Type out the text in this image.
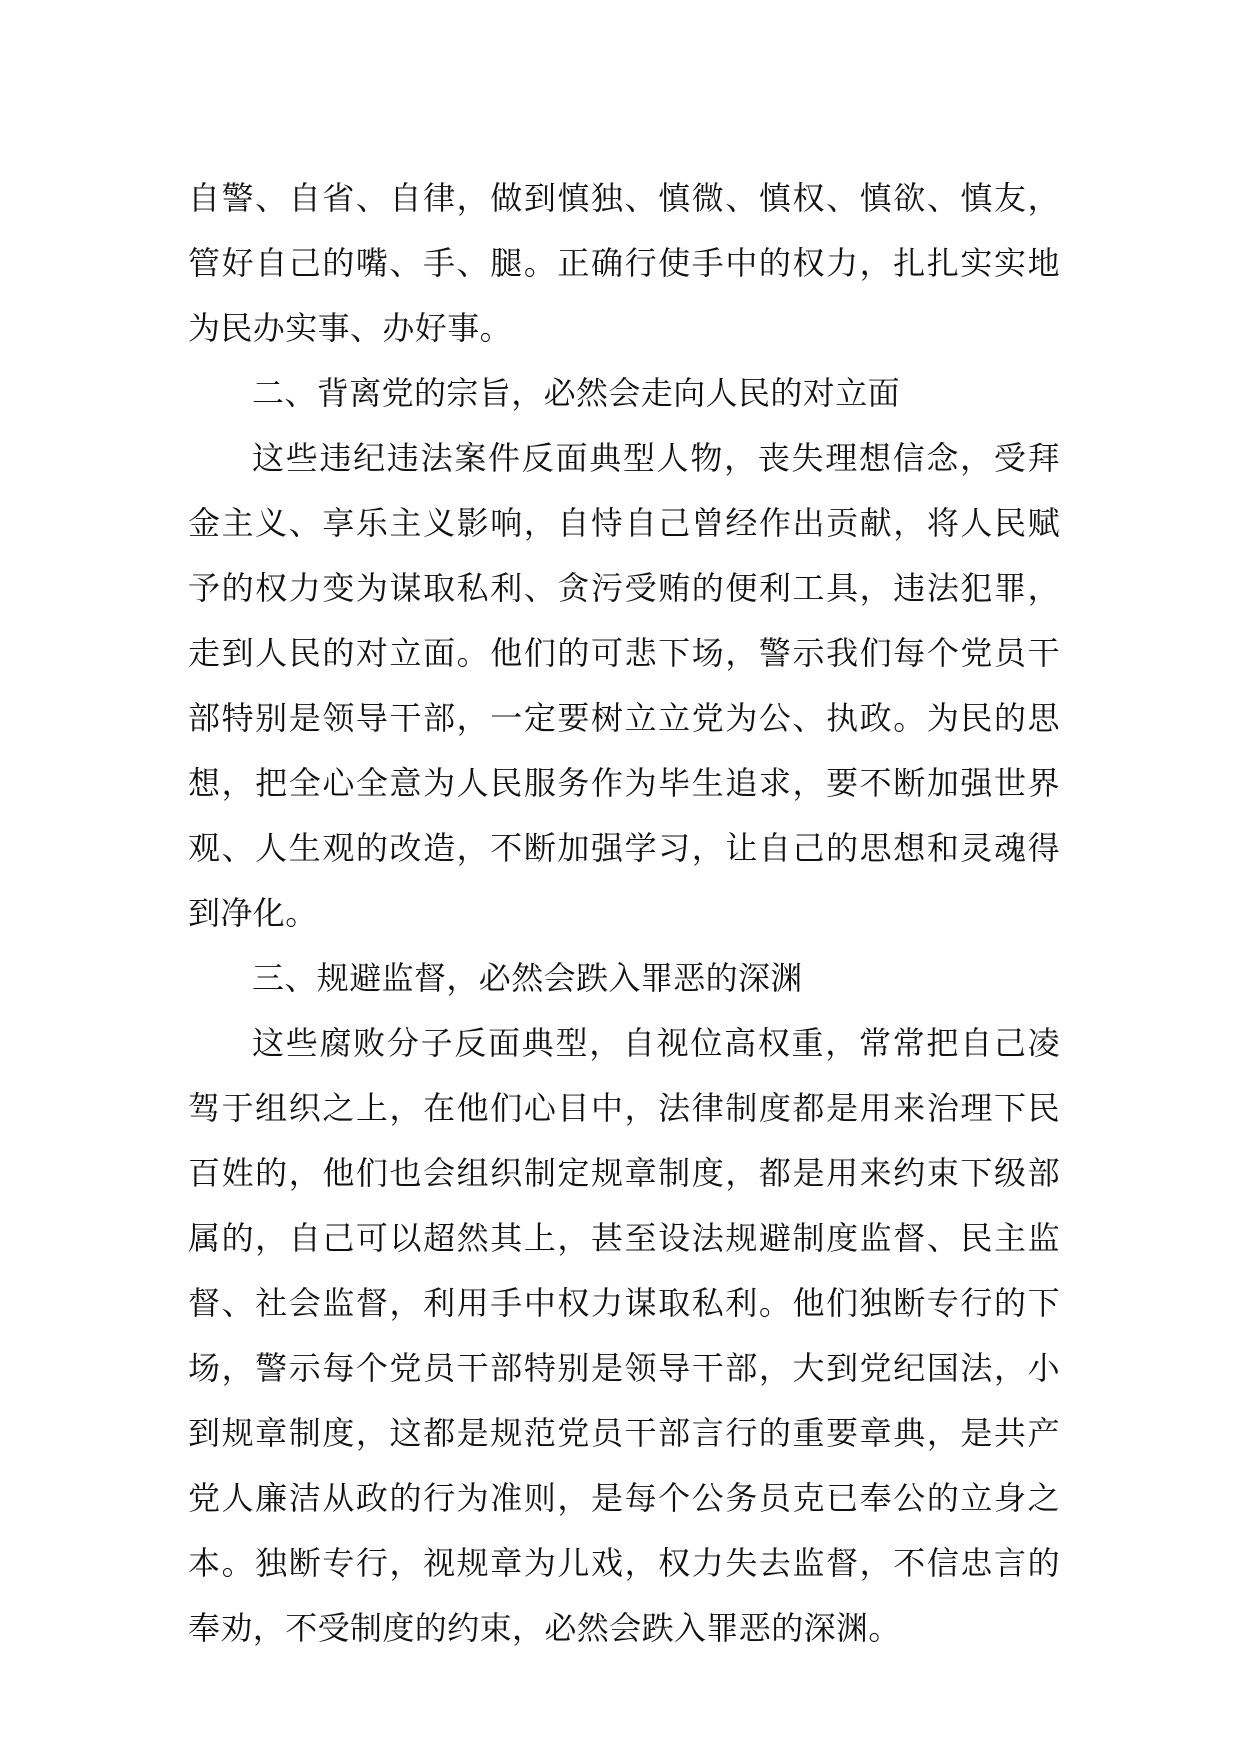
自警、自省、自律，做到慎独、慎微、慎权、慎欲、慎友，管好自己的嘴、手、腿。正确行使手中的权力，扎扎实实地为民办实事、办好事。

二、背离党的宗旨，必然会走向人民的对立面

这些违纪违法案件反面典型人物，丧失理想信念，受拜金主义、享乐主义影响，自恃自己曾经作出贡献，将人民赋予的权力变为谋取私利、贪污受贿的便利工具，违法犯罪，走到人民的对立面。他们的可悲下场，警示我们每个党员干部特别是领导干部，一定要树立立党为公、执政。为民的思想，把全心全意为人民服务作为毕生追求，要不断加强世界观、人生观的改造，不断加强学习，让自己的思想和灵魂得到净化。

三、规避监督，必然会跌入罪恶的深渊

这些腐败分子反面典型，自视位高权重，常常把自己凌驾于组织之上，在他们心目中，法律制度都是用来治理下民百姓的，他们也会组织制定规章制度，都是用来约束下级部属的，自己可以超然其上，甚至设法规避制度监督、民主监督、社会监督，利用手中权力谋取私利。他们独断专行的下场，警示每个党员干部特别是领导干部，大到党纪国法，小到规章制度，这都是规范党员干部言行的重要章典，是共产党人廉洁从政的行为准则，是每个公务员克已奉公的立身之本。独断专行，视规章为儿戏，权力失去监督，不信忠言的奉劝，不受制度的约束，必然会跌入罪恶的深渊。
